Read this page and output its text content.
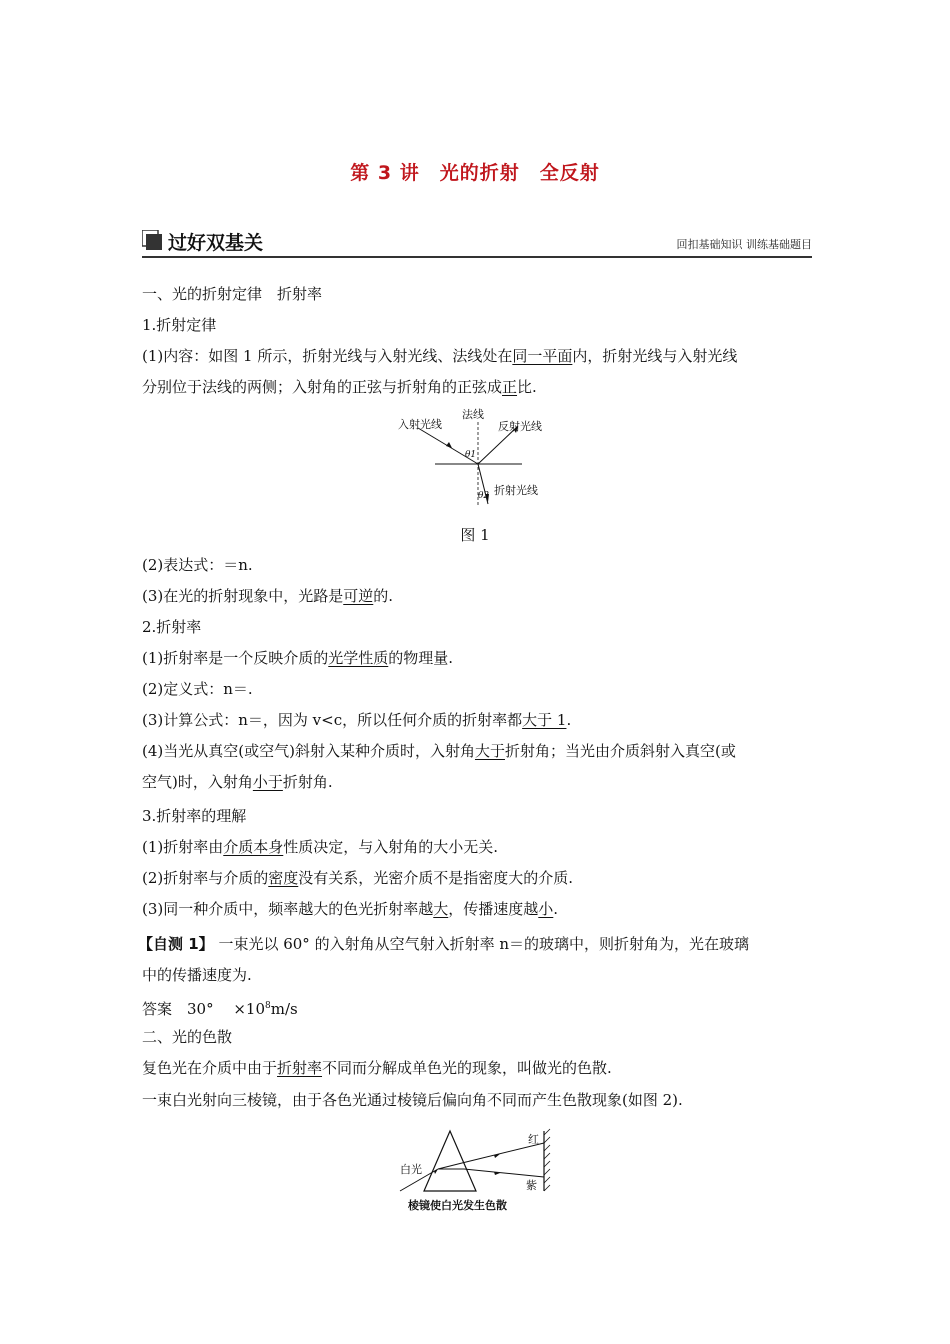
第 3 讲　光的折射　全反射
过好双基关	回扣基础知识 训练基础题目
一、光的折射定律　折射率
1.折射定律
(1)内容：如图 1 所示，折射光线与入射光线、法线处在同一平面内，折射光线与入射光线
分别位于法线的两侧；入射角的正弦与折射角的正弦成正比.
法线
入射光线	反射光线
折射光线
θ1
θ2
图 1
(2)表达式：＝n.
(3)在光的折射现象中，光路是可逆的.
2.折射率
(1)折射率是一个反映介质的光学性质的物理量.
(2)定义式：n＝.
(3)计算公式：n＝，因为 v<c，所以任何介质的折射率都大于 1.
(4)当光从真空(或空气)斜射入某种介质时，入射角大于折射角；当光由介质斜射入真空(或
空气)时，入射角小于折射角.
3.折射率的理解
(1)折射率由介质本身性质决定，与入射角的大小无关.
(2)折射率与介质的密度没有关系，光密介质不是指密度大的介质.
(3)同一种介质中，频率越大的色光折射率越大，传播速度越小.
【自测 1】 一束光以 60° 的入射角从空气射入折射率 n＝的玻璃中，则折射角为，光在玻璃
中的传播速度为.
答案　30°　 $\times 10^8m/s$
二、光的色散
复色光在介质中由于折射率不同而分解成单色光的现象，叫做光的色散.
一束白光射向三棱镜，由于各色光通过棱镜后偏向角不同而产生色散现象(如图 2).
白光
红
紫
棱镜使白光发生色散
